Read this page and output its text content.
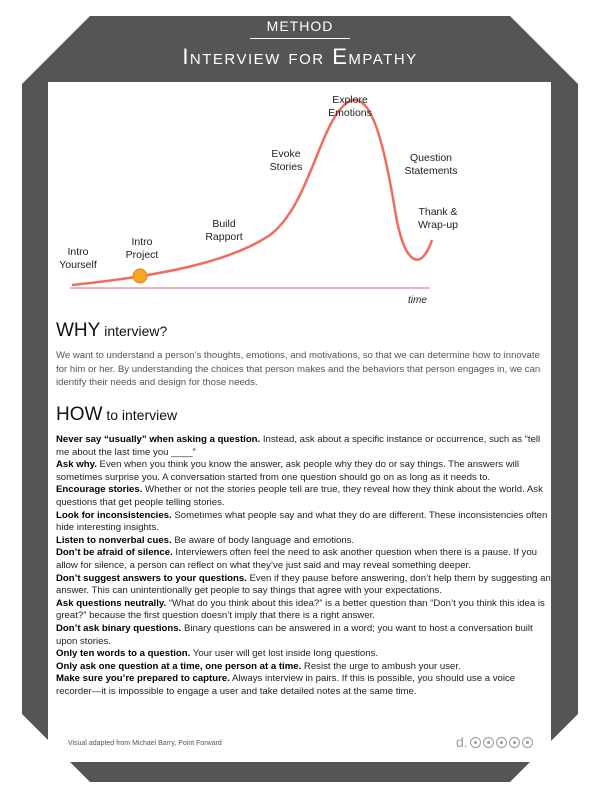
METHOD
Interview for Empathy
time
Intro
Yourself
Intro
Project
Build
Rapport
Evoke
Stories
Explore
Emotions
Question
Statements
Thank &
Wrap-up
WHY interview?
We want to understand a person’s thoughts, emotions, and motivations, so that we can determine how to innovate for him or her. By understanding the choices that person makes and the behaviors that person engages in, we can identify their needs and design for those needs.
HOW to interview

Never say “usually” when asking a question. Instead, ask about a specific instance or occurrence, such as “tell me about the last time you ____”

Ask why. Even when you think you know the answer, ask people why they do or say things. The answers will sometimes surprise you. A conversation started from one question should go on as long as it needs to.

Encourage stories. Whether or not the stories people tell are true, they reveal how they think about the world. Ask questions that get people telling stories.

Look for inconsistencies. Sometimes what people say and what they do are different. These inconsistencies often hide interesting insights.

Listen to nonverbal cues. Be aware of body language and emotions.

Don’t be afraid of silence. Interviewers often feel the need to ask another question when there is a pause. If you allow for silence, a person can reflect on what they’ve just said and may reveal something deeper.

Don’t suggest answers to your questions. Even if they pause before answering, don’t help them by suggesting an answer. This can unintentionally get people to say things that agree with your expectations.

Ask questions neutrally. “What do you think about this idea?” is a better question than “Don’t you think this idea is great?” because the first question doesn’t imply that there is a right answer.

Don’t ask binary questions. Binary questions can be answered in a word; you want to host a conversation built upon stories.

Only ten words to a question. Your user will get lost inside long questions.

Only ask one question at a time, one person at a time. Resist the urge to ambush your user.

Make sure you’re prepared to capture. Always interview in pairs. If this is possible, you should use a voice recorder—it is impossible to engage a user and take detailed notes at the same time.

Visual adapted from Michael Barry, Point Forward	d.
